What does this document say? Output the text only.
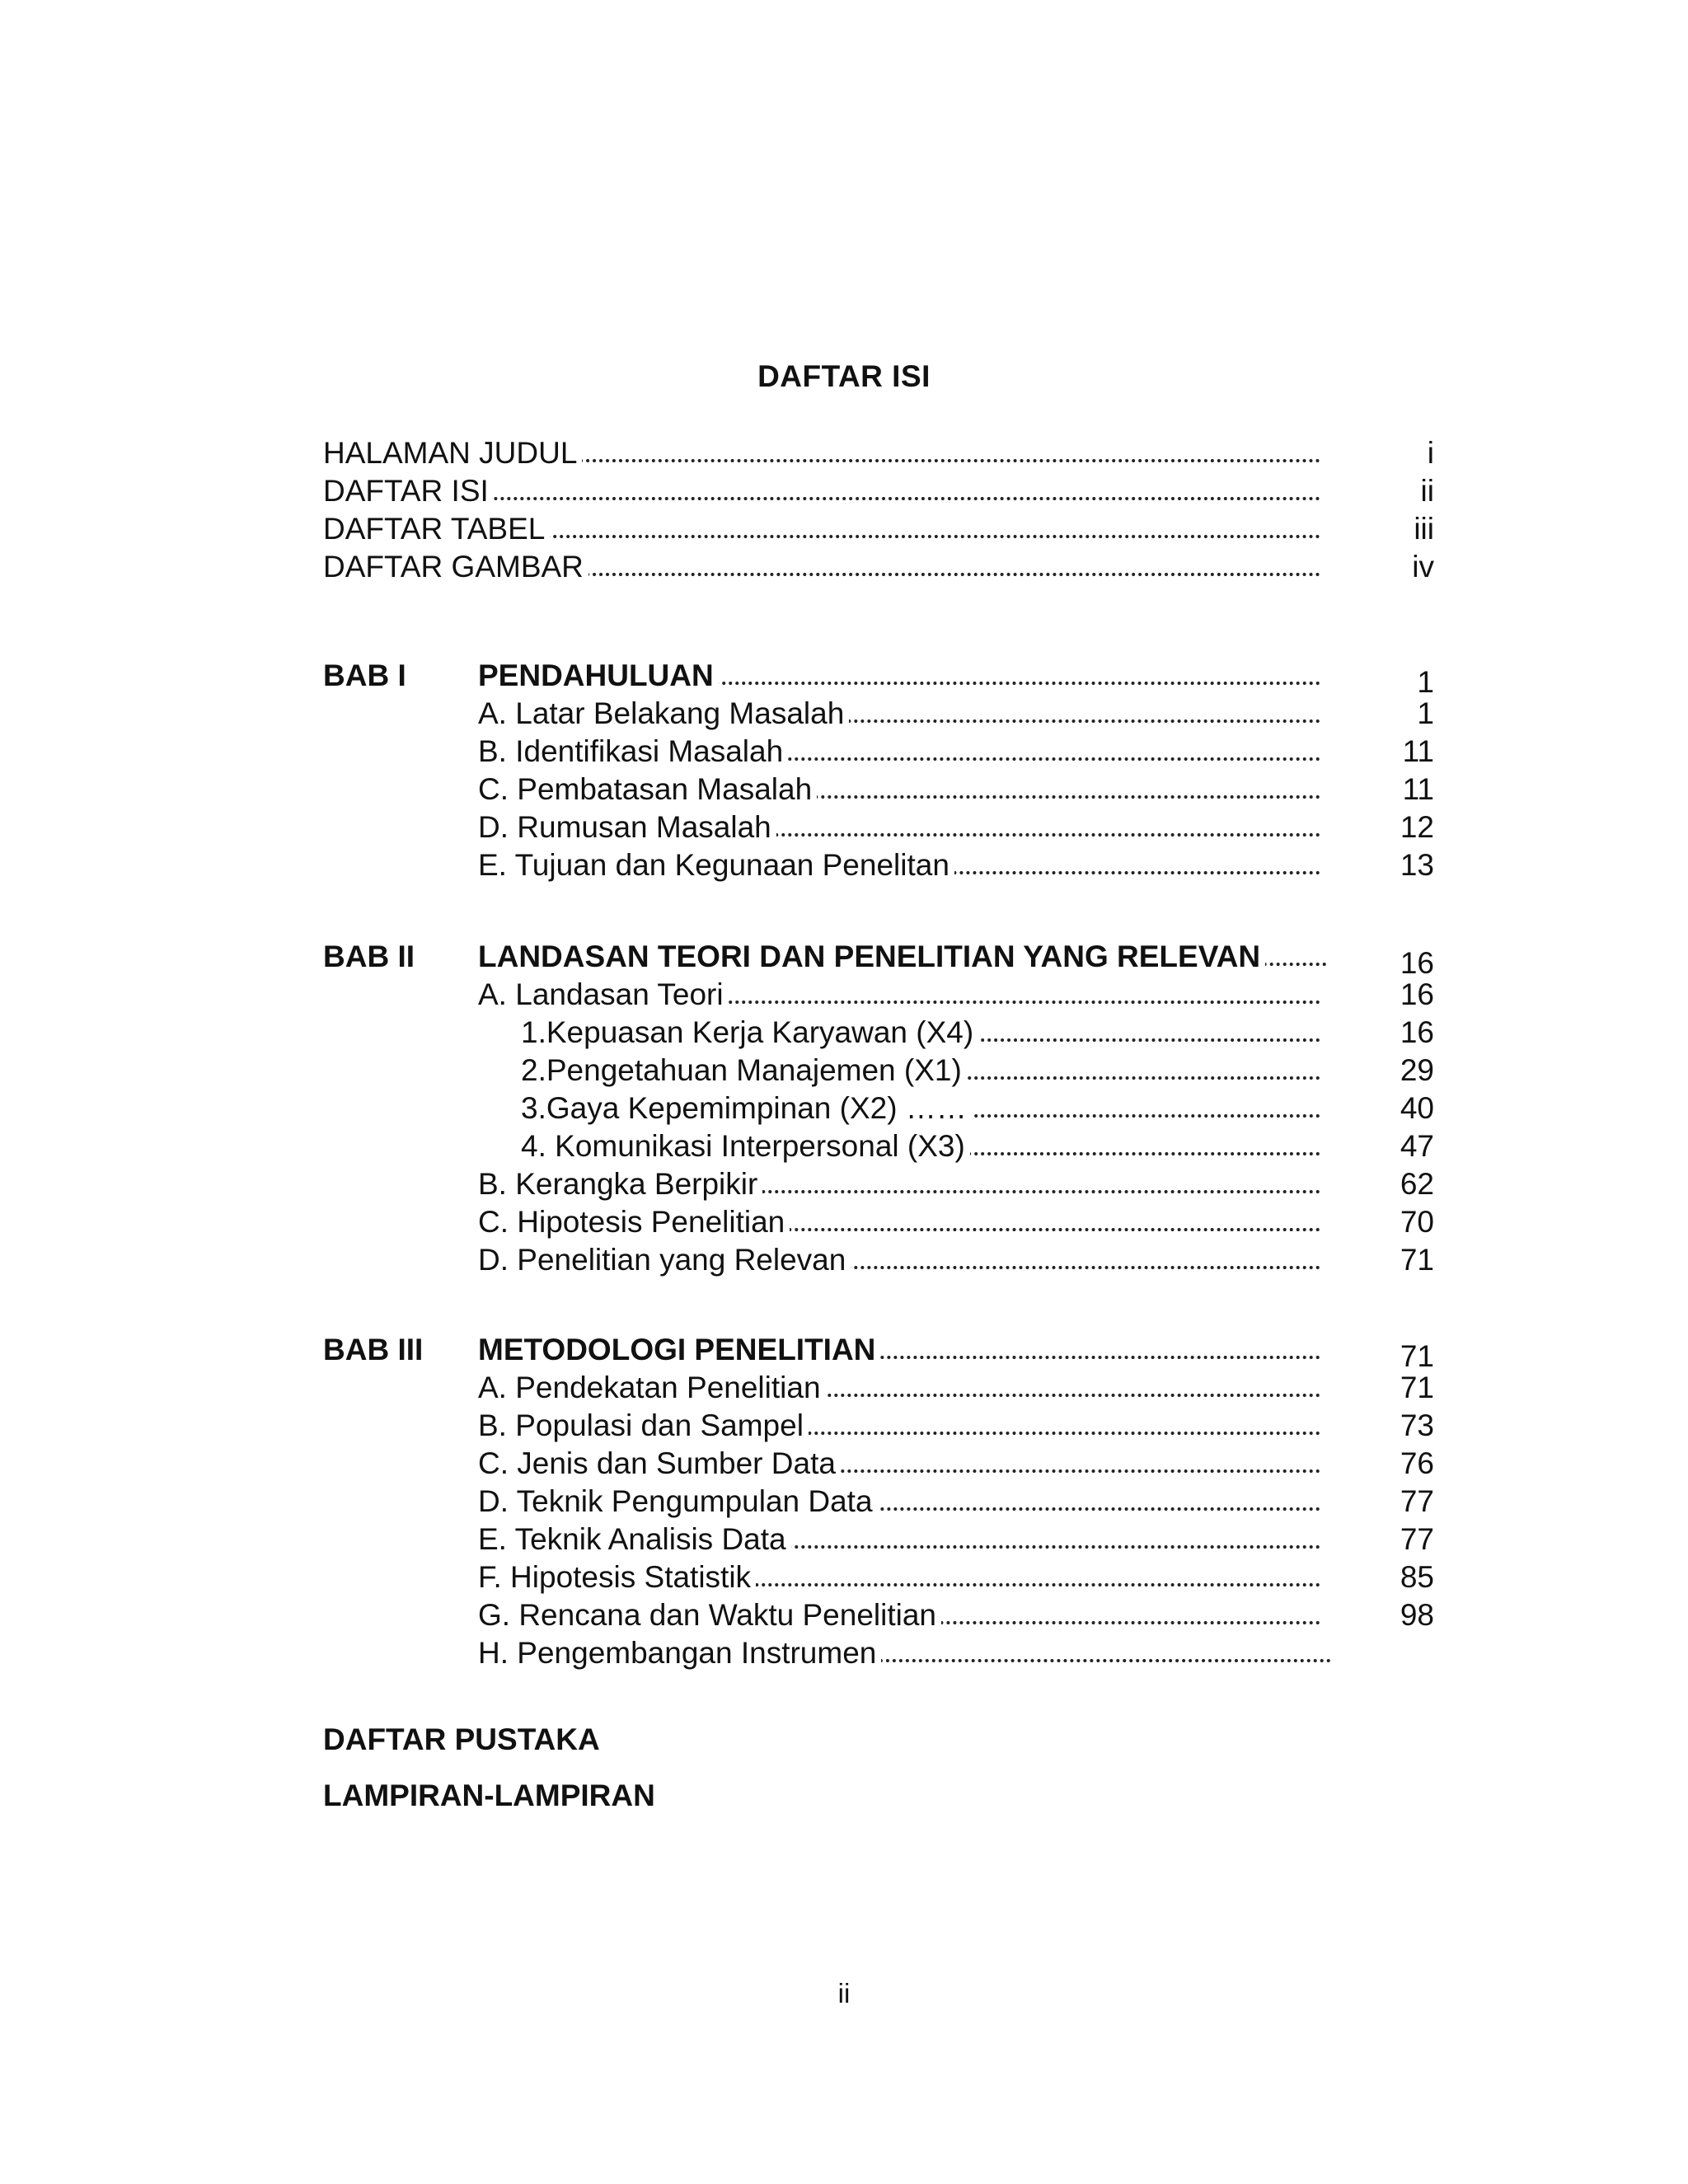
DAFTAR ISI
HALAMAN JUDUL	i
DAFTAR ISI	ii
DAFTAR TABEL	iii
DAFTAR GAMBAR	iv
BAB I PENDAHULUAN	1
A. Latar Belakang Masalah	1
B. Identifikasi Masalah	11
C. Pembatasan Masalah	11
D. Rumusan Masalah	12
E. Tujuan dan Kegunaan Penelitan	13
BAB II LANDASAN TEORI DAN PENELITIAN YANG RELEVAN	16
A. Landasan Teori	16
1.Kepuasan Kerja Karyawan (X4)	16
2.Pengetahuan Manajemen (X1)	29
3.Gaya Kepemimpinan (X2) ……	40
4. Komunikasi Interpersonal (X3)	47
B. Kerangka Berpikir	62
C. Hipotesis Penelitian	70
D. Penelitian yang Relevan	71
BAB III METODOLOGI PENELITIAN	71
A. Pendekatan Penelitian	71
B. Populasi dan Sampel	73
C. Jenis dan Sumber Data	76
D. Teknik Pengumpulan Data	77
E. Teknik Analisis Data	77
F. Hipotesis Statistik	85
G. Rencana dan Waktu Penelitian	98
H. Pengembangan Instrumen
DAFTAR PUSTAKA
LAMPIRAN-LAMPIRAN
ii
